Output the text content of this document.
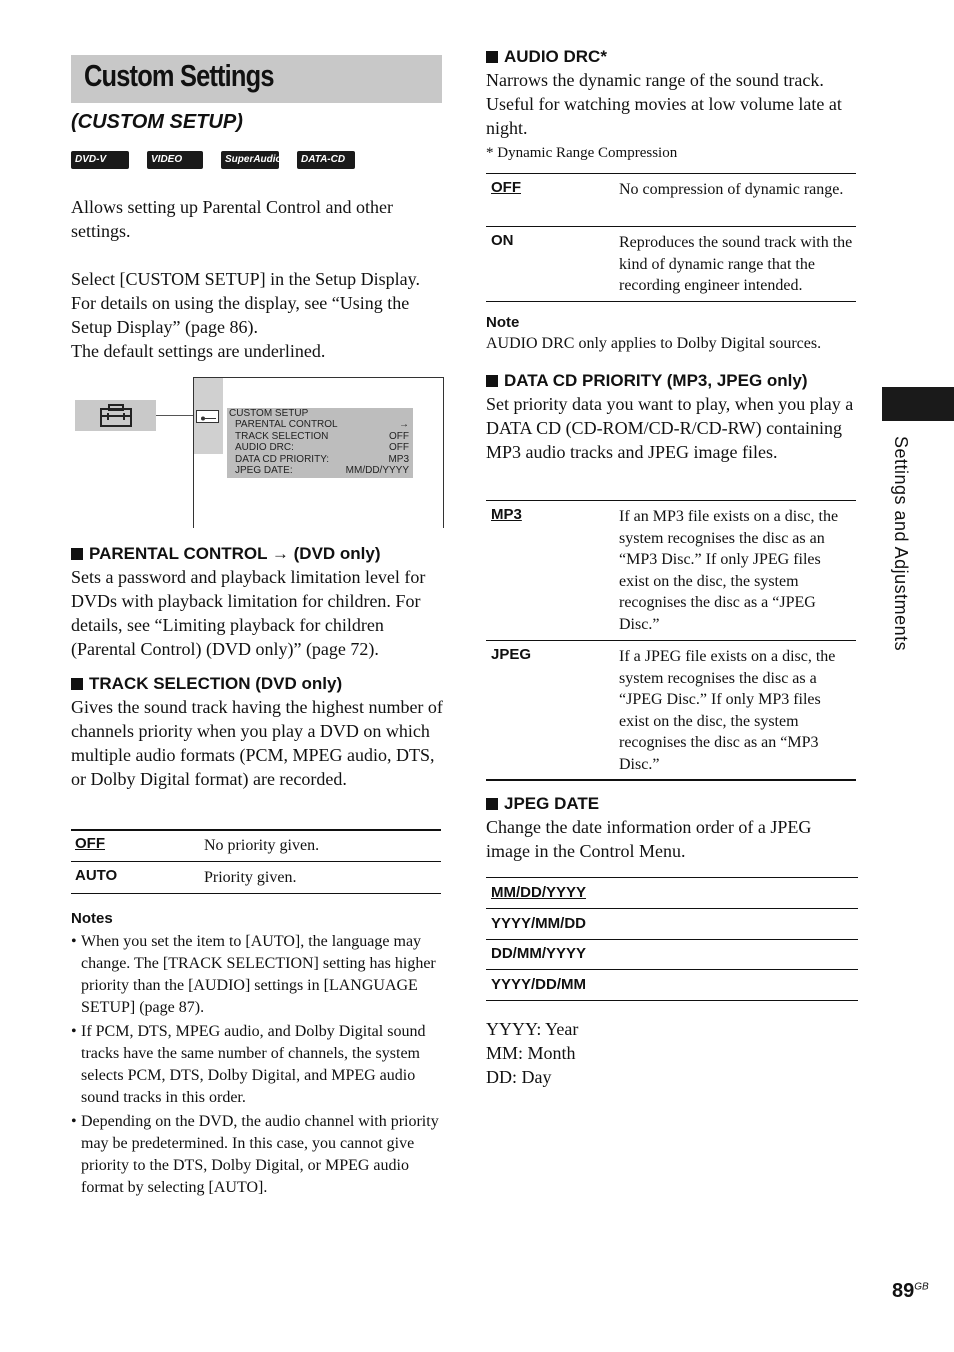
Custom Settings
(CUSTOM SETUP)
DVD-V	VIDEO CD
SuperAudioCD DATA-CD

Allows setting up Parental Control and other settings.

Select [CUSTOM SETUP] in the Setup Display. For details on using the display, see “Using the Setup Display” (page 86).

The default settings are underlined.

CUSTOM SETUP
PARENTAL CONTROL	→
TRACK SELECTION	OFF
AUDIO DRC:	OFF
DATA CD PRIORITY:	MP3
JPEG DATE:	MM/DD/YYYY
PARENTAL CONTROL → (DVD only)
Sets a password and playback limitation level for DVDs with playback limitation for children. For details, see “Limiting playback for children (Parental Control) (DVD only)” (page 72).
TRACK SELECTION (DVD only)
Gives the sound track having the highest number of channels priority when you play a DVD on which multiple audio formats (PCM, MPEG audio, DTS, or Dolby Digital format) are recorded.
OFF	No priority given.
AUTO	Priority given.
Notes
• When you set the item to [AUTO], the language may change. The [TRACK SELECTION] setting has higher priority than the [AUDIO] settings in [LANGUAGE SETUP] (page 87).
• If PCM, DTS, MPEG audio, and Dolby Digital sound tracks have the same number of channels, the system selects PCM, DTS, Dolby Digital, and MPEG audio sound tracks in this order.
• Depending on the DVD, the audio channel with priority may be predetermined. In this case, you cannot give priority to the DTS, Dolby Digital, or MPEG audio format by selecting [AUTO].
AUDIO DRC*
Narrows the dynamic range of the sound track. Useful for watching movies at low volume late at night.
* Dynamic Range Compression
OFF	No compression of dynamic range.
ON	Reproduces the sound track with the kind of dynamic range that the recording engineer intended.
Note
AUDIO DRC only applies to Dolby Digital sources.
DATA CD PRIORITY (MP3, JPEG only)
Set priority data you want to play, when you play a DATA CD (CD-ROM/CD-R/CD-RW) containing MP3 audio tracks and JPEG image files.
MP3	If an MP3 file exists on a disc, the system recognises the disc as an “MP3 Disc.” If only JPEG files exist on the disc, the system recognises the disc as a “JPEG Disc.”
JPEG	If a JPEG file exists on a disc, the system recognises the disc as a “JPEG Disc.” If only MP3 files exist on the disc, the system recognises the disc as an “MP3 Disc.”
JPEG DATE
Change the date information order of a JPEG image in the Control Menu.
MM/DD/YYYY
YYYY/MM/DD
DD/MM/YYYY
YYYY/DD/MM
YYYY: Year
MM: Month
DD: Day
Settings and Adjustments
$89^{GB}$
